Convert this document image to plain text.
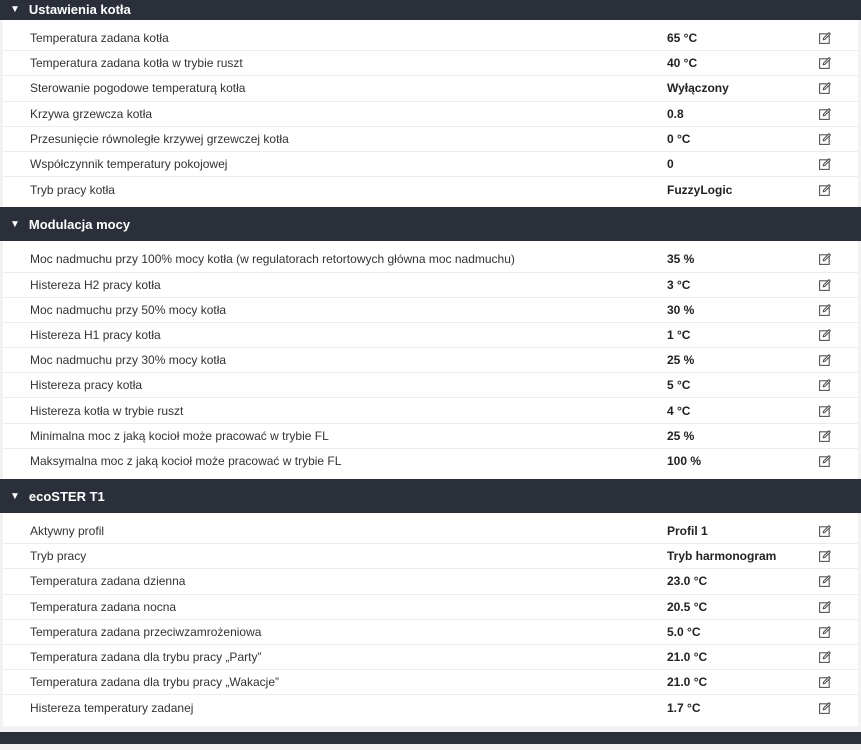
▼ Ustawienia kotła
Temperatura zadana kotła	65 °C
Temperatura zadana kotła w trybie ruszt	40 °C
Sterowanie pogodowe temperaturą kotła	Wyłączony
Krzywa grzewcza kotła	0.8
Przesunięcie równoległe krzywej grzewczej kotła	0 °C
Współczynnik temperatury pokojowej	0
Tryb pracy kotła	FuzzyLogic
▼ Modulacja mocy
Moc nadmuchu przy 100% mocy kotła (w regulatorach retortowych główna moc nadmuchu)	35 %
Histereza H2 pracy kotła	3 °C
Moc nadmuchu przy 50% mocy kotła	30 %
Histereza H1 pracy kotła	1 °C
Moc nadmuchu przy 30% mocy kotła	25 %
Histereza pracy kotła	5 °C
Histereza kotła w trybie ruszt	4 °C
Minimalna moc z jaką kocioł może pracować w trybie FL	25 %
Maksymalna moc z jaką kocioł może pracować w trybie FL	100 %
▼ ecoSTER T1
Aktywny profil	Profil 1
Tryb pracy	Tryb harmonogram
Temperatura zadana dzienna	23.0 °C
Temperatura zadana nocna	20.5 °C
Temperatura zadana przeciwzamrożeniowa	5.0 °C
Temperatura zadana dla trybu pracy „Party”	21.0 °C
Temperatura zadana dla trybu pracy „Wakacje”	21.0 °C
Histereza temperatury zadanej	1.7 °C
